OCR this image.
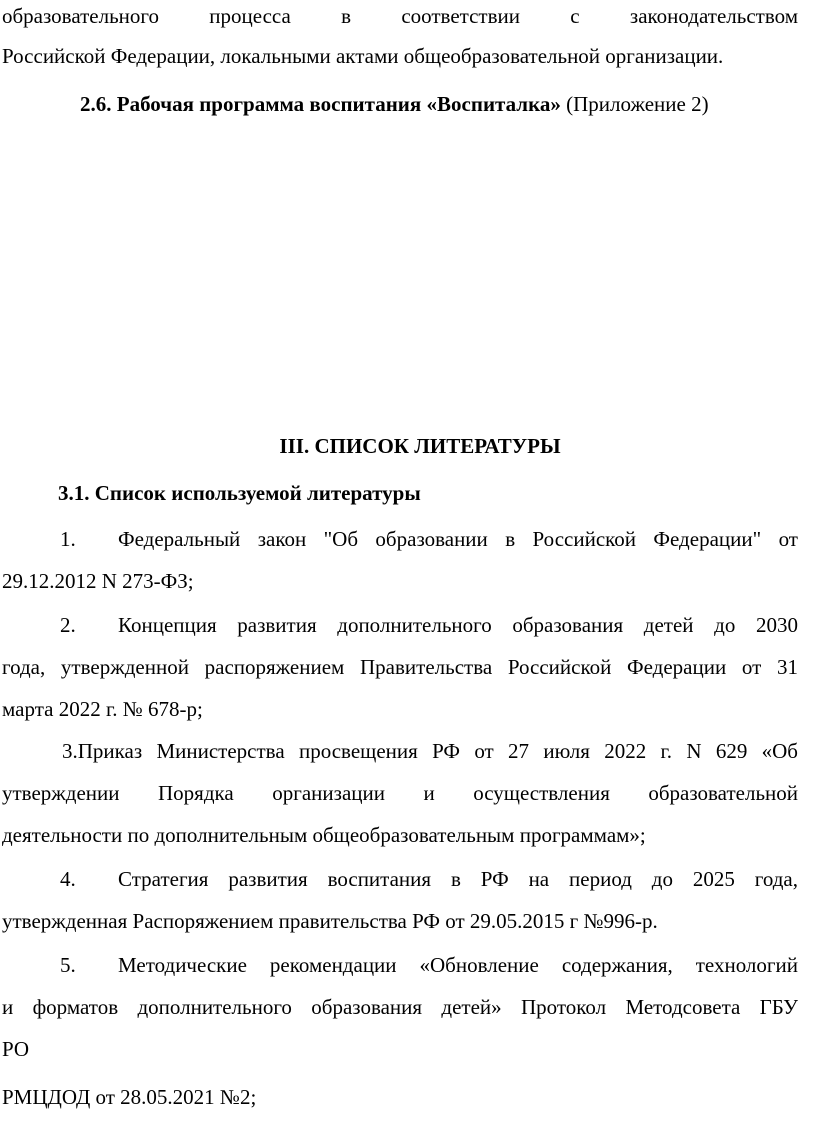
образовательного процесса в соответствии с законодательством
Российской Федерации, локальными актами общеобразовательной организации.
2.6. Рабочая программа воспитания «Воспиталка» (Приложение 2)
III. СПИСОК ЛИТЕРАТУРЫ
3.1. Список используемой литературы
1.	Федеральный закон "Об образовании в Российской Федерации" от
29.12.2012 N 273-ФЗ;
2.	Концепция развития дополнительного образования детей до 2030
года, утвержденной распоряжением Правительства Российской Федерации от 31
марта 2022 г. № 678-р;
3.Приказ Министерства просвещения РФ от 27 июля 2022 г. N 629 «Об
утверждении Порядка организации и осуществления образовательной
деятельности по дополнительным общеобразовательным программам»;
4.	Стратегия развития воспитания в РФ на период до 2025 года,
утвержденная Распоряжением правительства РФ от 29.05.2015 г №996-р.
5.	Методические рекомендации «Обновление содержания, технологий
и форматов дополнительного образования детей» Протокол Методсовета ГБУ
РО
РМЦДОД от 28.05.2021 №2;
